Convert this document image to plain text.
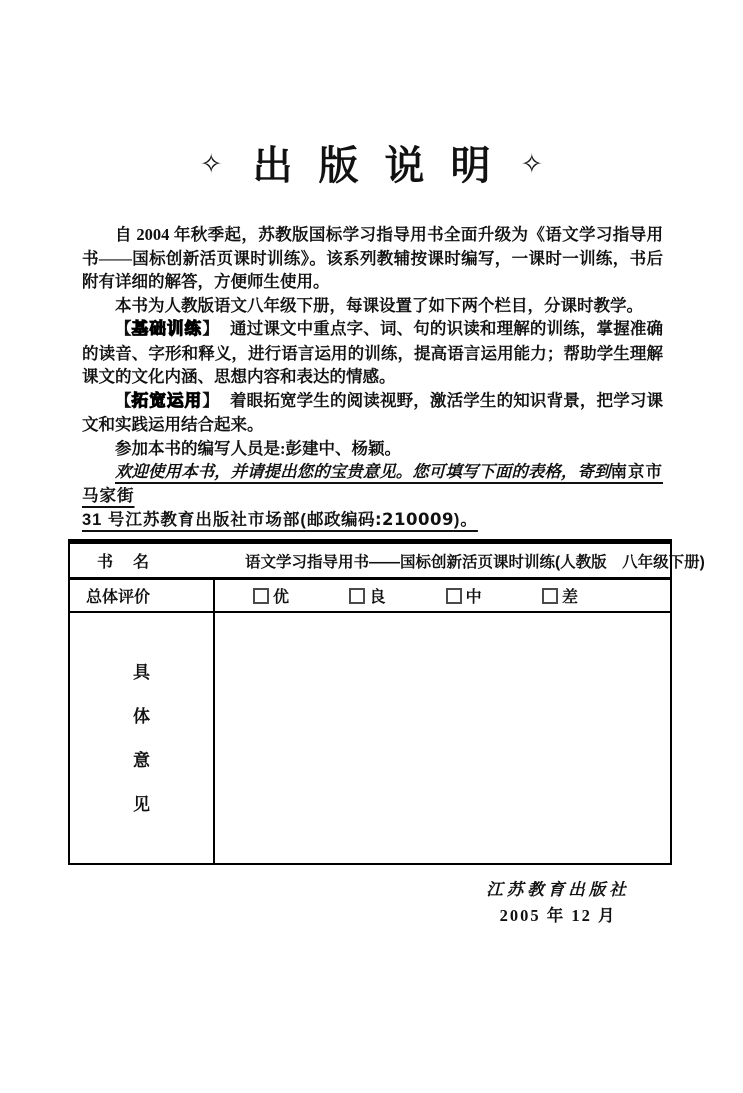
✧ 出版说明 ✧

自 2004 年秋季起，苏教版国标学习指导用书全面升级为《语文学习指导用书——国标创新活页课时训练》。该系列教辅按课时编写，一课时一训练，书后附有详细的解答，方便师生使用。

本书为人教版语文八年级下册，每课设置了如下两个栏目，分课时教学。

【基础训练】 通过课文中重点字、词、句的识读和理解的训练，掌握准确的读音、字形和释义，进行语言运用的训练，提高语言运用能力；帮助学生理解课文的文化内涵、思想内容和表达的情感。

【拓宽运用】 着眼拓宽学生的阅读视野，激活学生的知识背景，把学习课文和实践运用结合起来。

参加本书的编写人员是:彭建中、杨颖。

欢迎使用本书，并请提出您的宝贵意见。您可填写下面的表格，寄到南京市马家街

31 号江苏教育出版社市场部(邮政编码:210009)。

书　名	语文学习指导用书——国标创新活页课时训练(人教版　八年级下册)
总体评价	优	良	中	差
具
体
意
见
江苏教育出版社
2005 年 12 月
